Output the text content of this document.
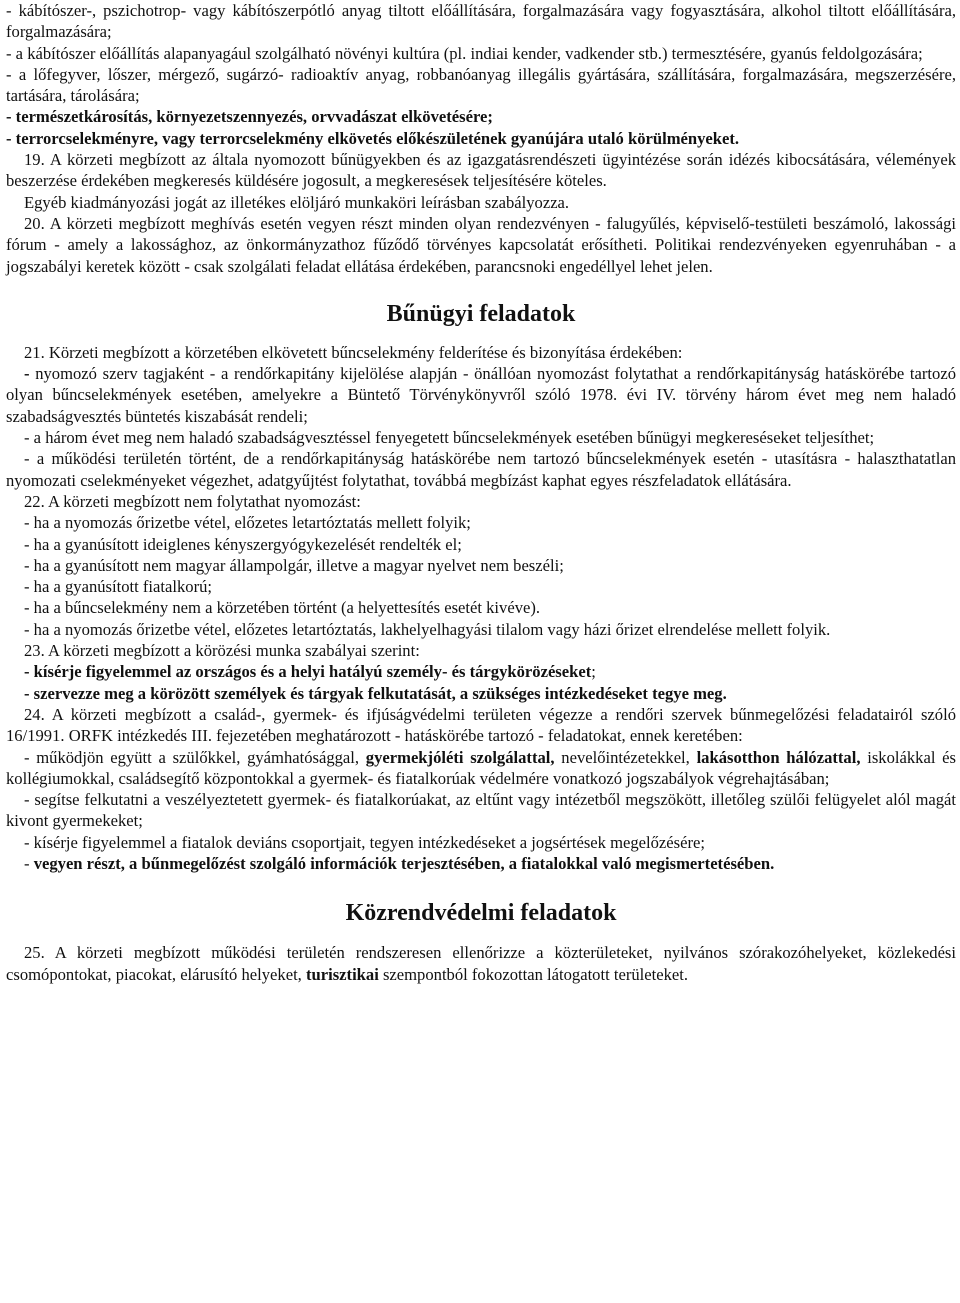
- kábítószer-, pszichotrop- vagy kábítószerpótló anyag tiltott előállítására, forgalmazására vagy fogyasztására, alkohol tiltott előállítására, forgalmazására;

- a kábítószer előállítás alapanyagául szolgálható növényi kultúra (pl. indiai kender, vadkender stb.) termesztésére, gyanús feldolgozására;

- a lőfegyver, lőszer, mérgező, sugárzó- radioaktív anyag, robbanóanyag illegális gyártására, szállítására, forgalmazására, megszerzésére, tartására, tárolására;

- természetkárosítás, környezetszennyezés, orvvadászat elkövetésére;

- terrorcselekményre, vagy terrorcselekmény elkövetés előkészületének gyanújára utaló körülményeket.

19. A körzeti megbízott az általa nyomozott bűnügyekben és az igazgatásrendészeti ügyintézése során idézés kibocsátására, vélemények beszerzése érdekében megkeresés küldésére jogosult, a megkeresések teljesítésére köteles.

Egyéb kiadmányozási jogát az illetékes elöljáró munkaköri leírásban szabályozza.

20. A körzeti megbízott meghívás esetén vegyen részt minden olyan rendezvényen - falugyűlés, képviselő-testületi beszámoló, lakossági fórum - amely a lakossághoz, az önkormányzathoz fűződő törvényes kapcsolatát erősítheti. Politikai rendezvényeken egyenruhában - a jogszabályi keretek között - csak szolgálati feladat ellátása érdekében, parancsnoki engedéllyel lehet jelen.

Bűnügyi feladatok

21. Körzeti megbízott a körzetében elkövetett bűncselekmény felderítése és bizonyítása érdekében:

- nyomozó szerv tagjaként - a rendőrkapitány kijelölése alapján - önállóan nyomozást folytathat a rendőrkapitányság hatáskörébe tartozó olyan bűncselekmények esetében, amelyekre a Büntető Törvénykönyvről szóló 1978. évi IV. törvény három évet meg nem haladó szabadságvesztés büntetés kiszabását rendeli;

- a három évet meg nem haladó szabadságvesztéssel fenyegetett bűncselekmények esetében bűnügyi megkereséseket teljesíthet;

- a működési területén történt, de a rendőrkapitányság hatáskörébe nem tartozó bűncselekmények esetén - utasításra - halaszthatatlan nyomozati cselekményeket végezhet, adatgyűjtést folytathat, továbbá megbízást kaphat egyes részfeladatok ellátására.

22. A körzeti megbízott nem folytathat nyomozást:

- ha a nyomozás őrizetbe vétel, előzetes letartóztatás mellett folyik;

- ha a gyanúsított ideiglenes kényszergyógykezelését rendelték el;

- ha a gyanúsított nem magyar állampolgár, illetve a magyar nyelvet nem beszéli;

- ha a gyanúsított fiatalkorú;

- ha a bűncselekmény nem a körzetében történt (a helyettesítés esetét kivéve).

- ha a nyomozás őrizetbe vétel, előzetes letartóztatás, lakhelyelhagyási tilalom vagy házi őrizet elrendelése mellett folyik.

23. A körzeti megbízott a körözési munka szabályai szerint:

- kísérje figyelemmel az országos és a helyi hatályú személy- és tárgykörözéseket;

- szervezze meg a körözött személyek és tárgyak felkutatását, a szükséges intézkedéseket tegye meg.

24. A körzeti megbízott a család-, gyermek- és ifjúságvédelmi területen végezze a rendőri szervek bűnmegelőzési feladatairól szóló 16/1991. ORFK intézkedés III. fejezetében meghatározott - hatáskörébe tartozó - feladatokat, ennek keretében:

- működjön együtt a szülőkkel, gyámhatósággal, gyermekjóléti szolgálattal, nevelőintézetekkel, lakásotthon hálózattal, iskolákkal és kollégiumokkal, családsegítő központokkal a gyermek- és fiatalkorúak védelmére vonatkozó jogszabályok végrehajtásában;

- segítse felkutatni a veszélyeztetett gyermek- és fiatalkorúakat, az eltűnt vagy intézetből megszökött, illetőleg szülői felügyelet alól magát kivont gyermekeket;

- kísérje figyelemmel a fiatalok deviáns csoportjait, tegyen intézkedéseket a jogsértések megelőzésére;

- vegyen részt, a bűnmegelőzést szolgáló információk terjesztésében, a fiatalokkal való megismertetésében.

Közrendvédelmi feladatok

25. A körzeti megbízott működési területén rendszeresen ellenőrizze a közterületeket, nyilvános szórakozóhelyeket, közlekedési csomópontokat, piacokat, elárusító helyeket, turisztikai szempontból fokozottan látogatott területeket.
